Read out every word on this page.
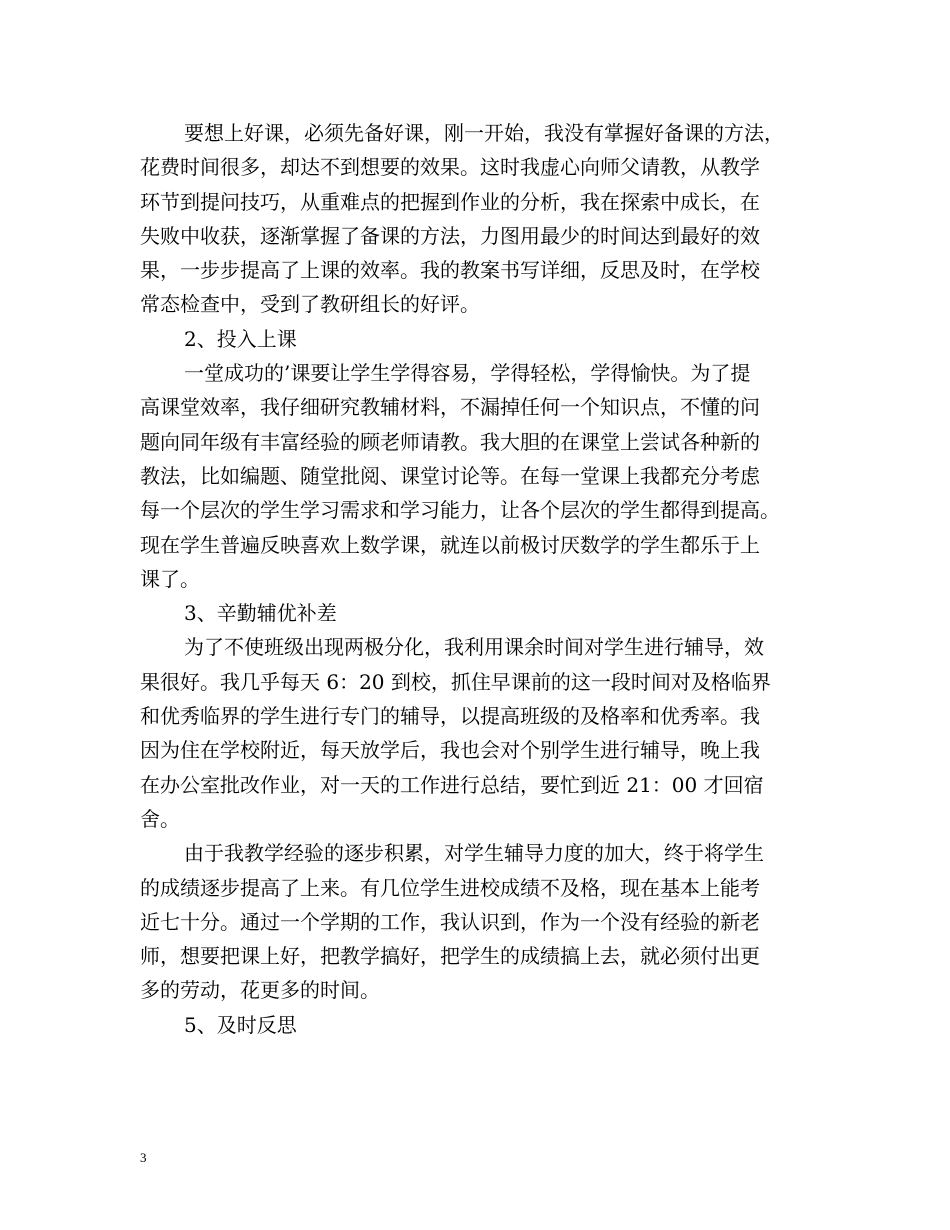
要想上好课，必须先备好课，刚一开始，我没有掌握好备课的方法，
花费时间很多，却达不到想要的效果。这时我虚心向师父请教，从教学
环节到提问技巧，从重难点的把握到作业的分析，我在探索中成长，在
失败中收获，逐渐掌握了备课的方法，力图用最少的时间达到最好的效
果，一步步提高了上课的效率。我的教案书写详细，反思及时，在学校
常态检查中，受到了教研组长的好评。
2、投入上课
一堂成功的’课要让学生学得容易，学得轻松，学得愉快。为了提
高课堂效率，我仔细研究教辅材料，不漏掉任何一个知识点，不懂的问
题向同年级有丰富经验的顾老师请教。我大胆的在课堂上尝试各种新的
教法，比如编题、随堂批阅、课堂讨论等。在每一堂课上我都充分考虑
每一个层次的学生学习需求和学习能力，让各个层次的学生都得到提高。
现在学生普遍反映喜欢上数学课，就连以前极讨厌数学的学生都乐于上
课了。
3、辛勤辅优补差
为了不使班级出现两极分化，我利用课余时间对学生进行辅导，效
果很好。我几乎每天 6：20 到校，抓住早课前的这一段时间对及格临界
和优秀临界的学生进行专门的辅导，以提高班级的及格率和优秀率。我
因为住在学校附近，每天放学后，我也会对个别学生进行辅导，晚上我
在办公室批改作业，对一天的工作进行总结，要忙到近 21：00 才回宿
舍。
由于我教学经验的逐步积累，对学生辅导力度的加大，终于将学生
的成绩逐步提高了上来。有几位学生进校成绩不及格，现在基本上能考
近七十分。通过一个学期的工作，我认识到，作为一个没有经验的新老
师，想要把课上好，把教学搞好，把学生的成绩搞上去，就必须付出更
多的劳动，花更多的时间。
5、及时反思
3
